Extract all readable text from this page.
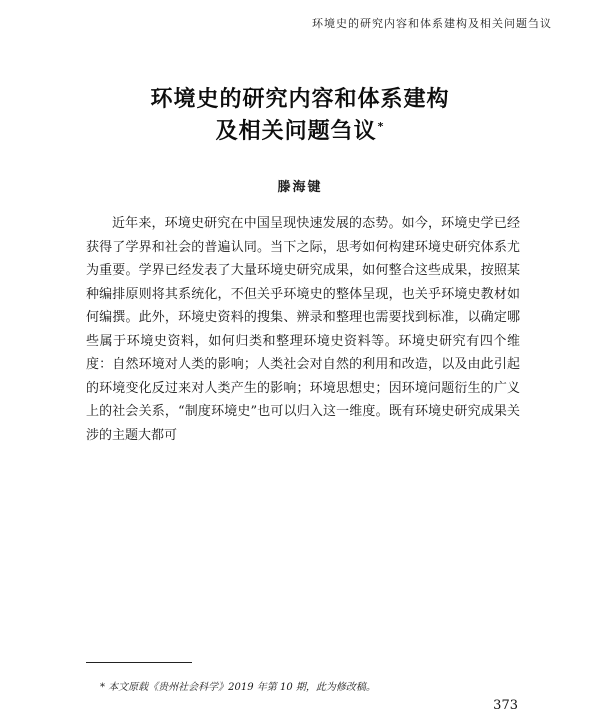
环境史的研究内容和体系建构及相关问题刍议
环境史的研究内容和体系建构
及相关问题刍议*
滕海键

近年来，环境史研究在中国呈现快速发展的态势。如今，环境史学已经获得了学界和社会的普遍认同。当下之际，思考如何构建环境史研究体系尤为重要。学界已经发表了大量环境史研究成果，如何整合这些成果，按照某种编排原则将其系统化，不但关乎环境史的整体呈现，也关乎环境史教材如何编撰。此外，环境史资料的搜集、辨录和整理也需要找到标准，以确定哪些属于环境史资料，如何归类和整理环境史资料等。环境史研究有四个维度：自然环境对人类的影响；人类社会对自然的利用和改造，以及由此引起的环境变化反过来对人类产生的影响；环境思想史；因环境问题衍生的广义上的社会关系，“制度环境史”也可以归入这一维度。既有环境史研究成果关涉的主题大都可

* 本文原载《贵州社会科学》2019 年第 10 期，此为修改稿。
373
